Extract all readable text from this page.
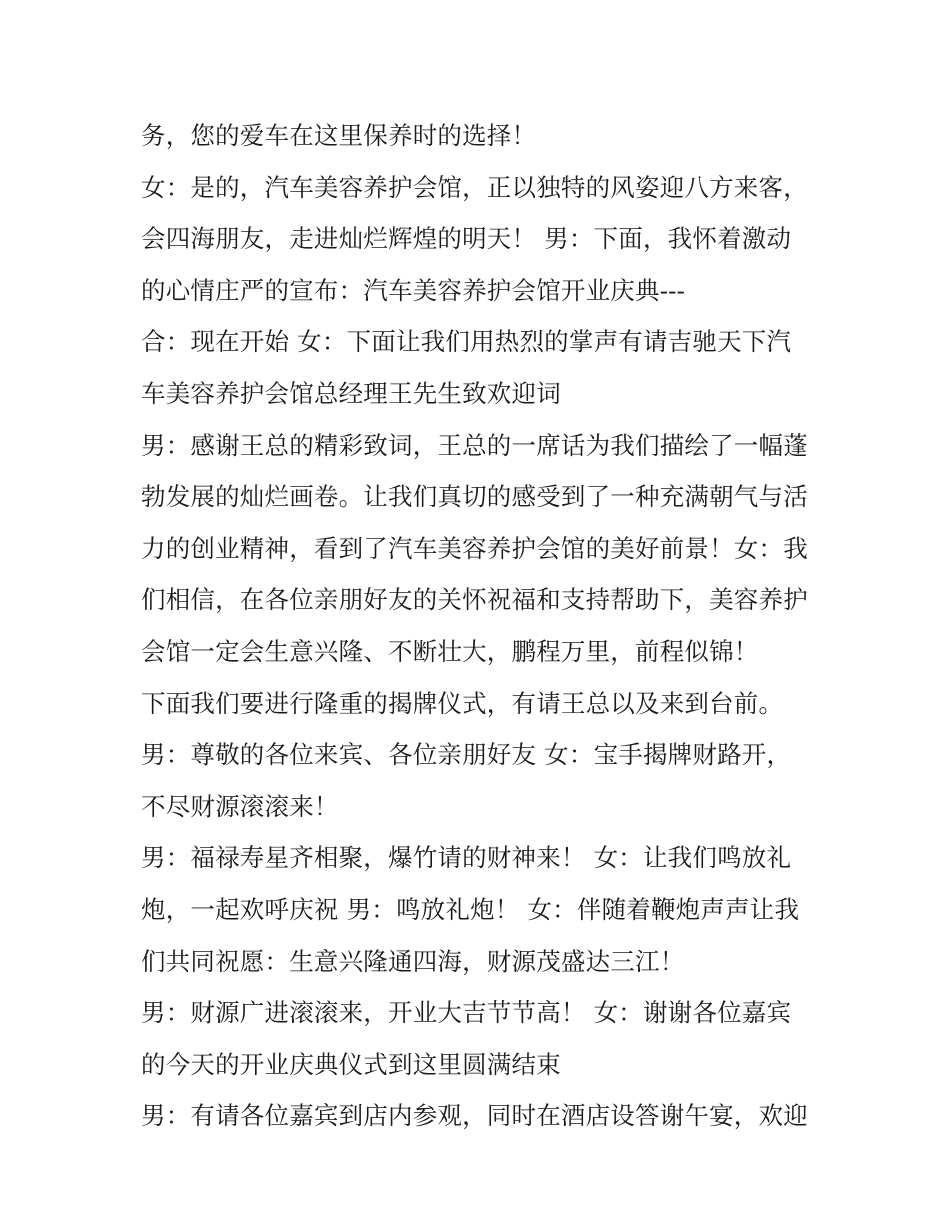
务，您的爱车在这里保养时的选择！
女：是的，汽车美容养护会馆，正以独特的风姿迎八方来客，
会四海朋友，走进灿烂辉煌的明天！ 男：下面，我怀着激动
的心情庄严的宣布：汽车美容养护会馆开业庆典---
合：现在开始 女：下面让我们用热烈的掌声有请吉驰天下汽
车美容养护会馆总经理王先生致欢迎词
男：感谢王总的精彩致词，王总的一席话为我们描绘了一幅蓬
勃发展的灿烂画卷。让我们真切的感受到了一种充满朝气与活
力的创业精神，看到了汽车美容养护会馆的美好前景！女：我
们相信，在各位亲朋好友的关怀祝福和支持帮助下，美容养护
会馆一定会生意兴隆、不断壮大，鹏程万里，前程似锦！
下面我们要进行隆重的揭牌仪式，有请王总以及来到台前。
男：尊敬的各位来宾、各位亲朋好友 女：宝手揭牌财路开，
不尽财源滚滚来！
男：福禄寿星齐相聚，爆竹请的财神来！ 女：让我们鸣放礼
炮，一起欢呼庆祝 男：鸣放礼炮！ 女：伴随着鞭炮声声让我
们共同祝愿：生意兴隆通四海，财源茂盛达三江！
男：财源广进滚滚来，开业大吉节节高！ 女：谢谢各位嘉宾
的今天的开业庆典仪式到这里圆满结束
男：有请各位嘉宾到店内参观，同时在酒店设答谢午宴，欢迎
